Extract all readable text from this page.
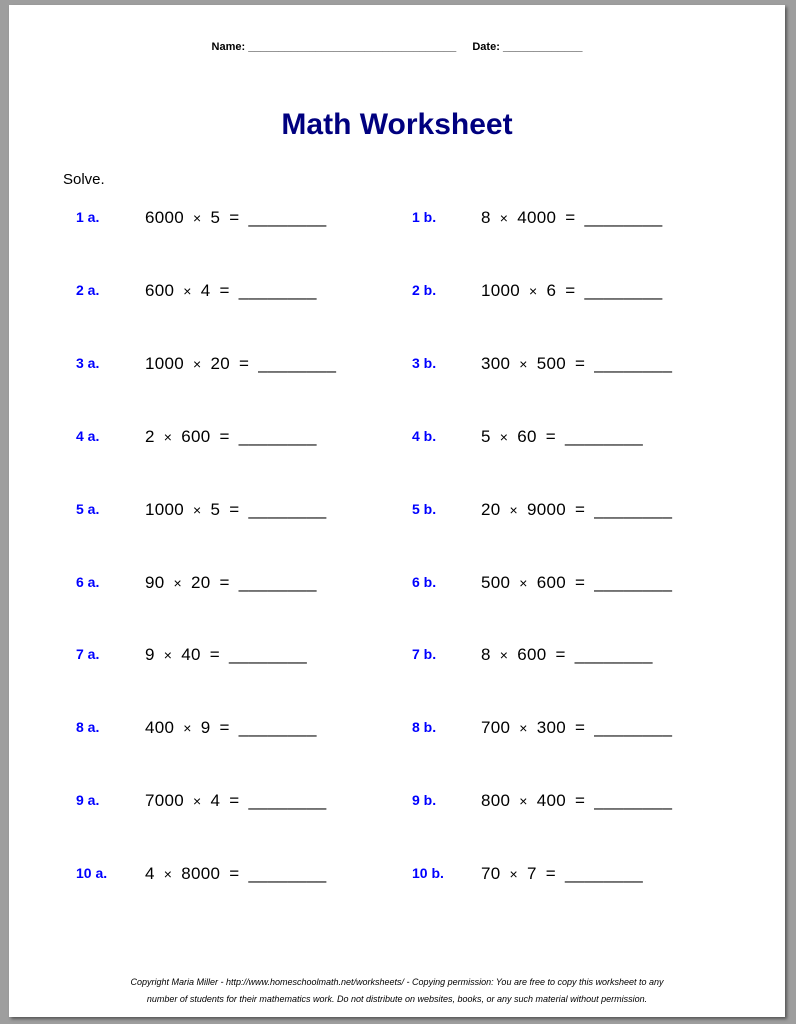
Name: __________________________________ Date: _____________
Math Worksheet
Solve.
1 a.	6000 × 5 = ________
2 a.	600 × 4 = ________
3 a.	1000 × 20 = ________
4 a.	2 × 600 = ________
5 a.	1000 × 5 = ________
6 a.	90 × 20 = ________
7 a.	9 × 40 = ________
8 a.	400 × 9 = ________
9 a.	7000 × 4 = ________
10 a. 4 × 8000 = ________
1 b.	8 × 4000 = ________
2 b.	1000 × 6 = ________
3 b.	300 × 500 = ________
4 b.	5 × 60 = ________
5 b.	20 × 9000 = ________
6 b.	500 × 600 = ________
7 b.	8 × 600 = ________
8 b.	700 × 300 = ________
9 b.	800 × 400 = ________
10 b. 70 × 7 = ________
Copyright Maria Miller - http://www.homeschoolmath.net/worksheets/ - Copying permission: You are free to copy this worksheet to any
number of students for their mathematics work. Do not distribute on websites, books, or any such material without permission.
